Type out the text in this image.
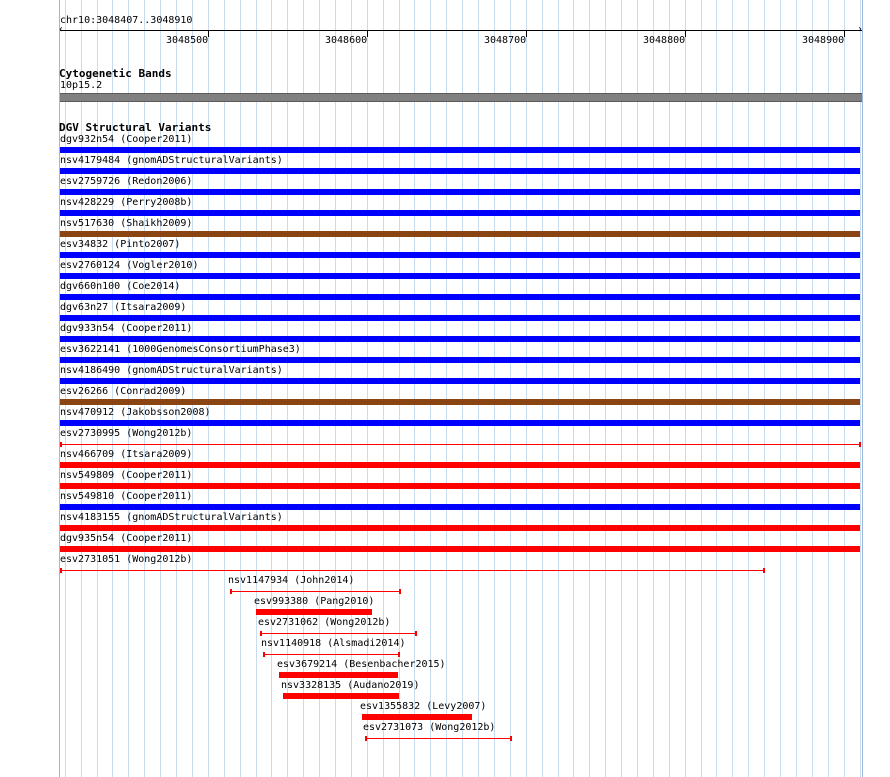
chr10:3048407..3048910
‹	›
3048500	3048600	3048700	3048800	3048900
Cytogenetic Bands
10p15.2
DGV Structural Variants
dgv932n54 (Cooper2011)
nsv4179484 (gnomADStructuralVariants)
esv2759726 (Redon2006)
nsv428229 (Perry2008b)
nsv517630 (Shaikh2009)
esv34832 (Pinto2007)
esv2760124 (Vogler2010)
dgv660n100 (Coe2014)
dgv63n27 (Itsara2009)
dgv933n54 (Cooper2011)
esv3622141 (1000GenomesConsortiumPhase3)
nsv4186490 (gnomADStructuralVariants)
esv26266 (Conrad2009)
nsv470912 (Jakobsson2008)
esv2730995 (Wong2012b)
nsv466709 (Itsara2009)
nsv549809 (Cooper2011)
nsv549810 (Cooper2011)
nsv4183155 (gnomADStructuralVariants)
dgv935n54 (Cooper2011)
esv2731051 (Wong2012b)
nsv1147934 (John2014)
esv993380 (Pang2010)
esv2731062 (Wong2012b)
nsv1140918 (Alsmadi2014)
esv3679214 (Besenbacher2015)
nsv3328135 (Audano2019)
esv1355832 (Levy2007)
esv2731073 (Wong2012b)
